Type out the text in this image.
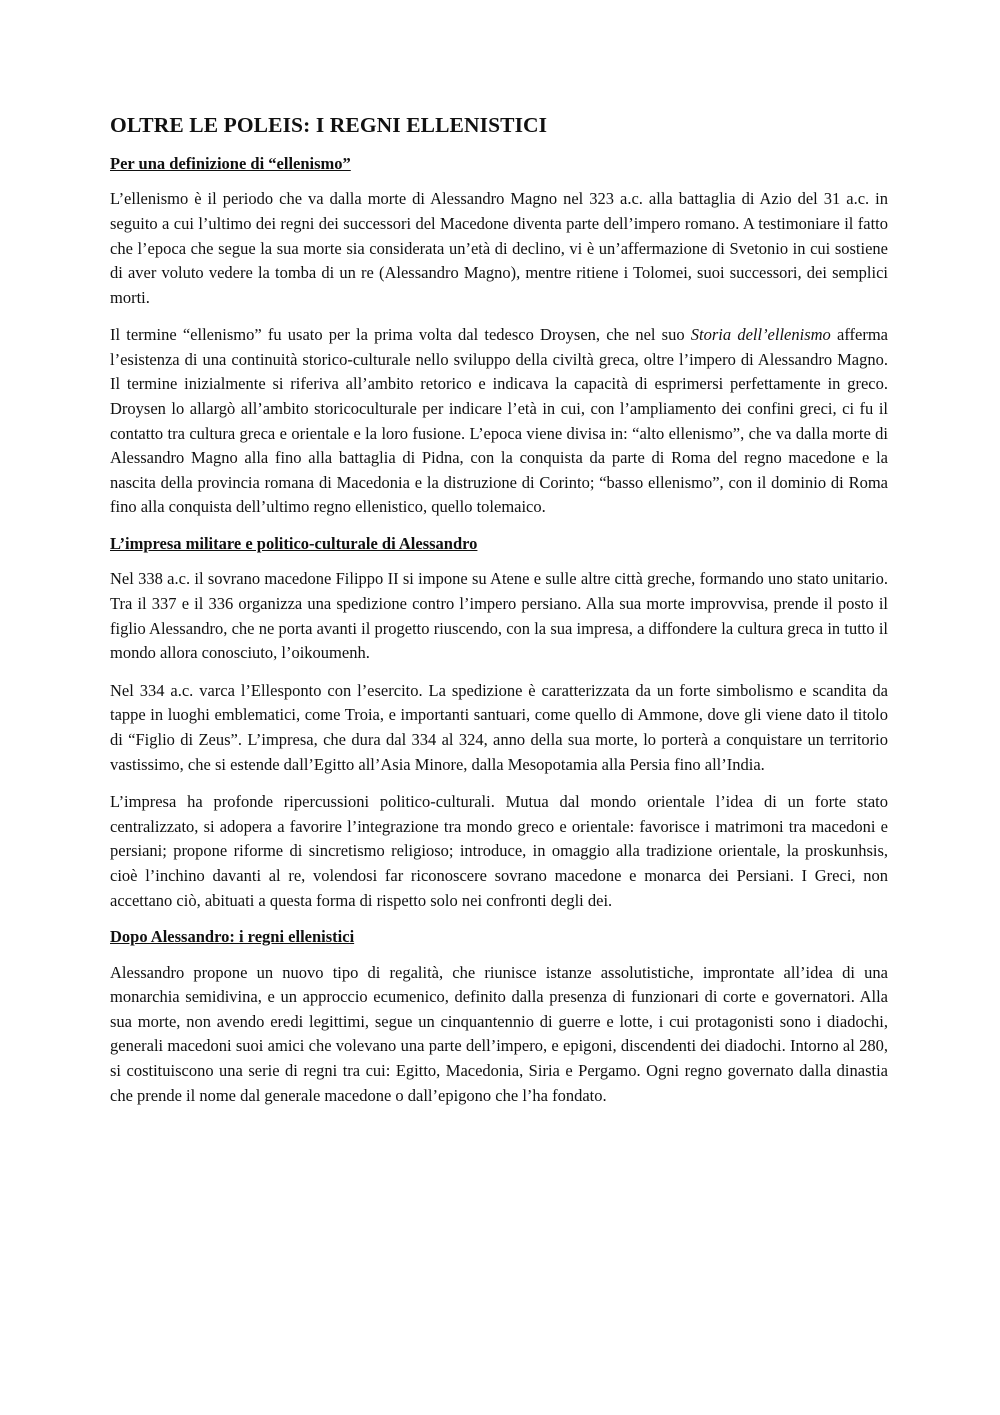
OLTRE LE POLEIS: I REGNI ELLENISTICI
Per una definizione di “ellenismo”

L’ellenismo è il periodo che va dalla morte di Alessandro Magno nel 323 a.c. alla battaglia di Azio del 31 a.c. in seguito a cui l’ultimo dei regni dei successori del Macedone diventa parte dell’impero romano. A testimoniare il fatto che l’epoca che segue la sua morte sia considerata un’età di declino, vi è un’affermazione di Svetonio in cui sostiene di aver voluto vedere la tomba di un re (Alessandro Magno), mentre ritiene i Tolomei, suoi successori, dei semplici morti.

Il termine “ellenismo” fu usato per la prima volta dal tedesco Droysen, che nel suo Storia dell’ellenismo afferma l’esistenza di una continuità storico-culturale nello sviluppo della civiltà greca, oltre l’impero di Alessandro Magno. Il termine inizialmente si riferiva all’ambito retorico e indicava la capacità di esprimersi perfettamente in greco. Droysen lo allargò all’ambito storicoculturale per indicare l’età in cui, con l’ampliamento dei confini greci, ci fu il contatto tra cultura greca e orientale e la loro fusione. L’epoca viene divisa in: “alto ellenismo”, che va dalla morte di Alessandro Magno alla fino alla battaglia di Pidna, con la conquista da parte di Roma del regno macedone e la nascita della provincia romana di Macedonia e la distruzione di Corinto; “basso ellenismo”, con il dominio di Roma fino alla conquista dell’ultimo regno ellenistico, quello tolemaico.

L’impresa militare e politico-culturale di Alessandro

Nel 338 a.c. il sovrano macedone Filippo II si impone su Atene e sulle altre città greche, formando uno stato unitario. Tra il 337 e il 336 organizza una spedizione contro l’impero persiano. Alla sua morte improvvisa, prende il posto il figlio Alessandro, che ne porta avanti il progetto riuscendo, con la sua impresa, a diffondere la cultura greca in tutto il mondo allora conosciuto, l’oikoumenh.

Nel 334 a.c. varca l’Ellesponto con l’esercito. La spedizione è caratterizzata da un forte simbolismo e scandita da tappe in luoghi emblematici, come Troia, e importanti santuari, come quello di Ammone, dove gli viene dato il titolo di “Figlio di Zeus”. L’impresa, che dura dal 334 al 324, anno della sua morte, lo porterà a conquistare un territorio vastissimo, che si estende dall’Egitto all’Asia Minore, dalla Mesopotamia alla Persia fino all’India.

L’impresa ha profonde ripercussioni politico-culturali. Mutua dal mondo orientale l’idea di un forte stato centralizzato, si adopera a favorire l’integrazione tra mondo greco e orientale: favorisce i matrimoni tra macedoni e persiani; propone riforme di sincretismo religioso; introduce, in omaggio alla tradizione orientale, la proskunhsis, cioè l’inchino davanti al re, volendosi far riconoscere sovrano macedone e monarca dei Persiani. I Greci, non accettano ciò, abituati a questa forma di rispetto solo nei confronti degli dei.

Dopo Alessandro: i regni ellenistici

Alessandro propone un nuovo tipo di regalità, che riunisce istanze assolutistiche, improntate all’idea di una monarchia semidivina, e un approccio ecumenico, definito dalla presenza di funzionari di corte e governatori. Alla sua morte, non avendo eredi legittimi, segue un cinquantennio di guerre e lotte, i cui protagonisti sono i diadochi, generali macedoni suoi amici che volevano una parte dell’impero, e epigoni, discendenti dei diadochi. Intorno al 280, si costituiscono una serie di regni tra cui: Egitto, Macedonia, Siria e Pergamo. Ogni regno governato dalla dinastia che prende il nome dal generale macedone o dall’epigono che l’ha fondato.
